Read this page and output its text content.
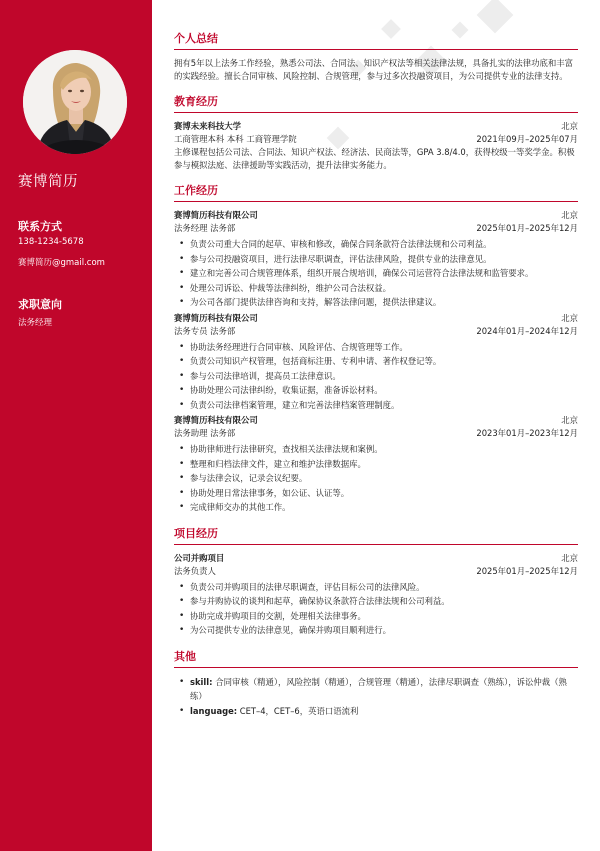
赛博简历
联系方式
138-1234-5678
赛博简历@gmail.com
求职意向
法务经理
个人总结
拥有5年以上法务工作经验，熟悉公司法、合同法、知识产权法等相关法律法规，具备扎实的法律功底和丰富的实践经验。擅长合同审核、风险控制、合规管理，参与过多次投融资项目，为公司提供专业的法律支持。
教育经历
赛博未来科技大学	北京
工商管理本科 本科 工商管理学院	2021年09月–2025年07月
主修课程包括公司法、合同法、知识产权法、经济法、民商法等，GPA 3.8/4.0，获得校级一等奖学金。积极参与模拟法庭、法律援助等实践活动，提升法律实务能力。
工作经历
赛博简历科技有限公司	北京
法务经理 法务部	2025年01月–2025年12月
• 负责公司重大合同的起草、审核和修改，确保合同条款符合法律法规和公司利益。
• 参与公司投融资项目，进行法律尽职调查，评估法律风险，提供专业的法律意见。
• 建立和完善公司合规管理体系，组织开展合规培训，确保公司运营符合法律法规和监管要求。
• 处理公司诉讼、仲裁等法律纠纷，维护公司合法权益。
• 为公司各部门提供法律咨询和支持，解答法律问题，提供法律建议。
赛博简历科技有限公司	北京
法务专员 法务部	2024年01月–2024年12月
• 协助法务经理进行合同审核、风险评估、合规管理等工作。
• 负责公司知识产权管理，包括商标注册、专利申请、著作权登记等。
• 参与公司法律培训，提高员工法律意识。
• 协助处理公司法律纠纷，收集证据，准备诉讼材料。
• 负责公司法律档案管理，建立和完善法律档案管理制度。
赛博简历科技有限公司	北京
法务助理 法务部	2023年01月–2023年12月
• 协助律师进行法律研究，查找相关法律法规和案例。
• 整理和归档法律文件，建立和维护法律数据库。
• 参与法律会议，记录会议纪要。
• 协助处理日常法律事务，如公证、认证等。
• 完成律师交办的其他工作。
项目经历
公司并购项目	北京
法务负责人	2025年01月–2025年12月
• 负责公司并购项目的法律尽职调查，评估目标公司的法律风险。
• 参与并购协议的谈判和起草，确保协议条款符合法律法规和公司利益。
• 协助完成并购项目的交割，处理相关法律事务。
• 为公司提供专业的法律意见，确保并购项目顺利进行。
其他
• skill: 合同审核（精通），风险控制（精通），合规管理（精通），法律尽职调查（熟练），诉讼仲裁（熟练）
• language: CET–4，CET–6，英语口语流利
